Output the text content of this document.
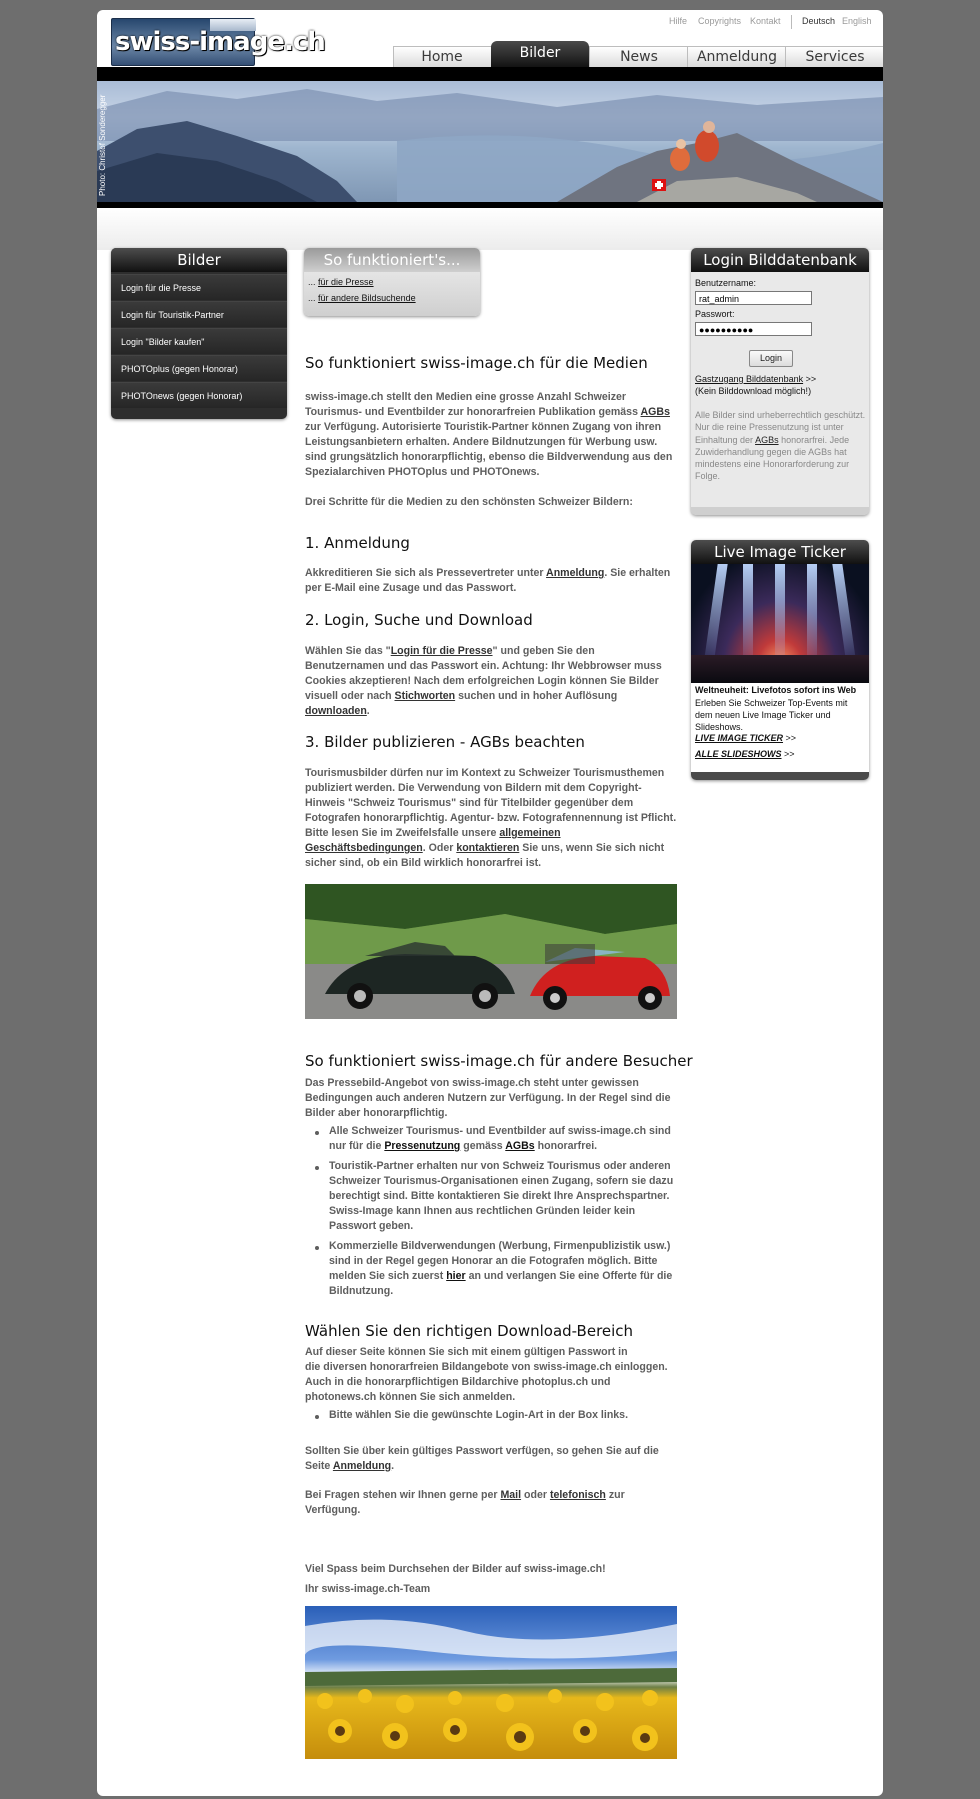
swiss-image.ch
Hilfe Copyrights Kontakt Deutsch English
Home	Bilder	News	Anmeldung	Services
Photo: Christof Sonderegger
Bilder
Login für die Presse
Login für Touristik-Partner
Login "Bilder kaufen"
PHOTOplus (gegen Honorar)
PHOTOnews (gegen Honorar)
So funktioniert's...
... für die Presse
... für andere Bildsuchende
Login Bilddatenbank
Benutzername:
rat_admin
Passwort:
●●●●●●●●●●
Login
Gastzugang Bilddatenbank >>
(Kein Bilddownload möglich!)
Alle Bilder sind urheberrechtlich geschützt.
Nur die reine Pressenutzung ist unter
Einhaltung der AGBs honorarfrei. Jede
Zuwiderhandlung gegen die AGBs hat
mindestens eine Honorarforderung zur
Folge.
Live Image Ticker
Weltneuheit: Livefotos sofort ins Web
Erleben Sie Schweizer Top-Events mit
dem neuen Live Image Ticker und
Slideshows.
LIVE IMAGE TICKER >>
ALLE SLIDESHOWS >>
So funktioniert swiss-image.ch für die Medien
swiss-image.ch stellt den Medien eine grosse Anzahl Schweizer
Tourismus- und Eventbilder zur honorarfreien Publikation gemäss AGBs
zur Verfügung. Autorisierte Touristik-Partner können Zugang von ihren
Leistungsanbietern erhalten. Andere Bildnutzungen für Werbung usw.
sind grungsätzlich honorarpflichtig, ebenso die Bildverwendung aus den
Spezialarchiven PHOTOplus und PHOTOnews.
Drei Schritte für die Medien zu den schönsten Schweizer Bildern:
1. Anmeldung
Akkreditieren Sie sich als Pressevertreter unter Anmeldung. Sie erhalten
per E-Mail eine Zusage und das Passwort.
2. Login, Suche und Download
Wählen Sie das "Login für die Presse" und geben Sie den
Benutzernamen und das Passwort ein. Achtung: Ihr Webbrowser muss
Cookies akzeptieren! Nach dem erfolgreichen Login können Sie Bilder
visuell oder nach Stichworten suchen und in hoher Auflösung
downloaden.
3. Bilder publizieren - AGBs beachten
Tourismusbilder dürfen nur im Kontext zu Schweizer Tourismusthemen
publiziert werden. Die Verwendung von Bildern mit dem Copyright-
Hinweis "Schweiz Tourismus" sind für Titelbilder gegenüber dem
Fotografen honorarpflichtig. Agentur- bzw. Fotografennennung ist Pflicht.
Bitte lesen Sie im Zweifelsfalle unsere allgemeinen
Geschäftsbedingungen. Oder kontaktieren Sie uns, wenn Sie sich nicht
sicher sind, ob ein Bild wirklich honorarfrei ist.
So funktioniert swiss-image.ch für andere Besucher
Das Pressebild-Angebot von swiss-image.ch steht unter gewissen
Bedingungen auch anderen Nutzern zur Verfügung. In der Regel sind die
Bilder aber honorarpflichtig.
Alle Schweizer Tourismus- und Eventbilder auf swiss-image.ch sind
nur für die Pressenutzung gemäss AGBs honorarfrei.
Touristik-Partner erhalten nur von Schweiz Tourismus oder anderen
Schweizer Tourismus-Organisationen einen Zugang, sofern sie dazu
berechtigt sind. Bitte kontaktieren Sie direkt Ihre Ansprechspartner.
Swiss-Image kann Ihnen aus rechtlichen Gründen leider kein
Passwort geben.
Kommerzielle Bildverwendungen (Werbung, Firmenpublizistik usw.)
sind in der Regel gegen Honorar an die Fotografen möglich. Bitte
melden Sie sich zuerst hier an und verlangen Sie eine Offerte für die
Bildnutzung.
Wählen Sie den richtigen Download-Bereich
Auf dieser Seite können Sie sich mit einem gültigen Passwort in
die diversen honorarfreien Bildangebote von swiss-image.ch einloggen.
Auch in die honorarpflichtigen Bildarchive photoplus.ch und
photonews.ch können Sie sich anmelden.
Bitte wählen Sie die gewünschte Login-Art in der Box links.
Sollten Sie über kein gültiges Passwort verfügen, so gehen Sie auf die
Seite Anmeldung.
Bei Fragen stehen wir Ihnen gerne per Mail oder telefonisch zur
Verfügung.
Viel Spass beim Durchsehen der Bilder auf swiss-image.ch!
Ihr swiss-image.ch-Team
